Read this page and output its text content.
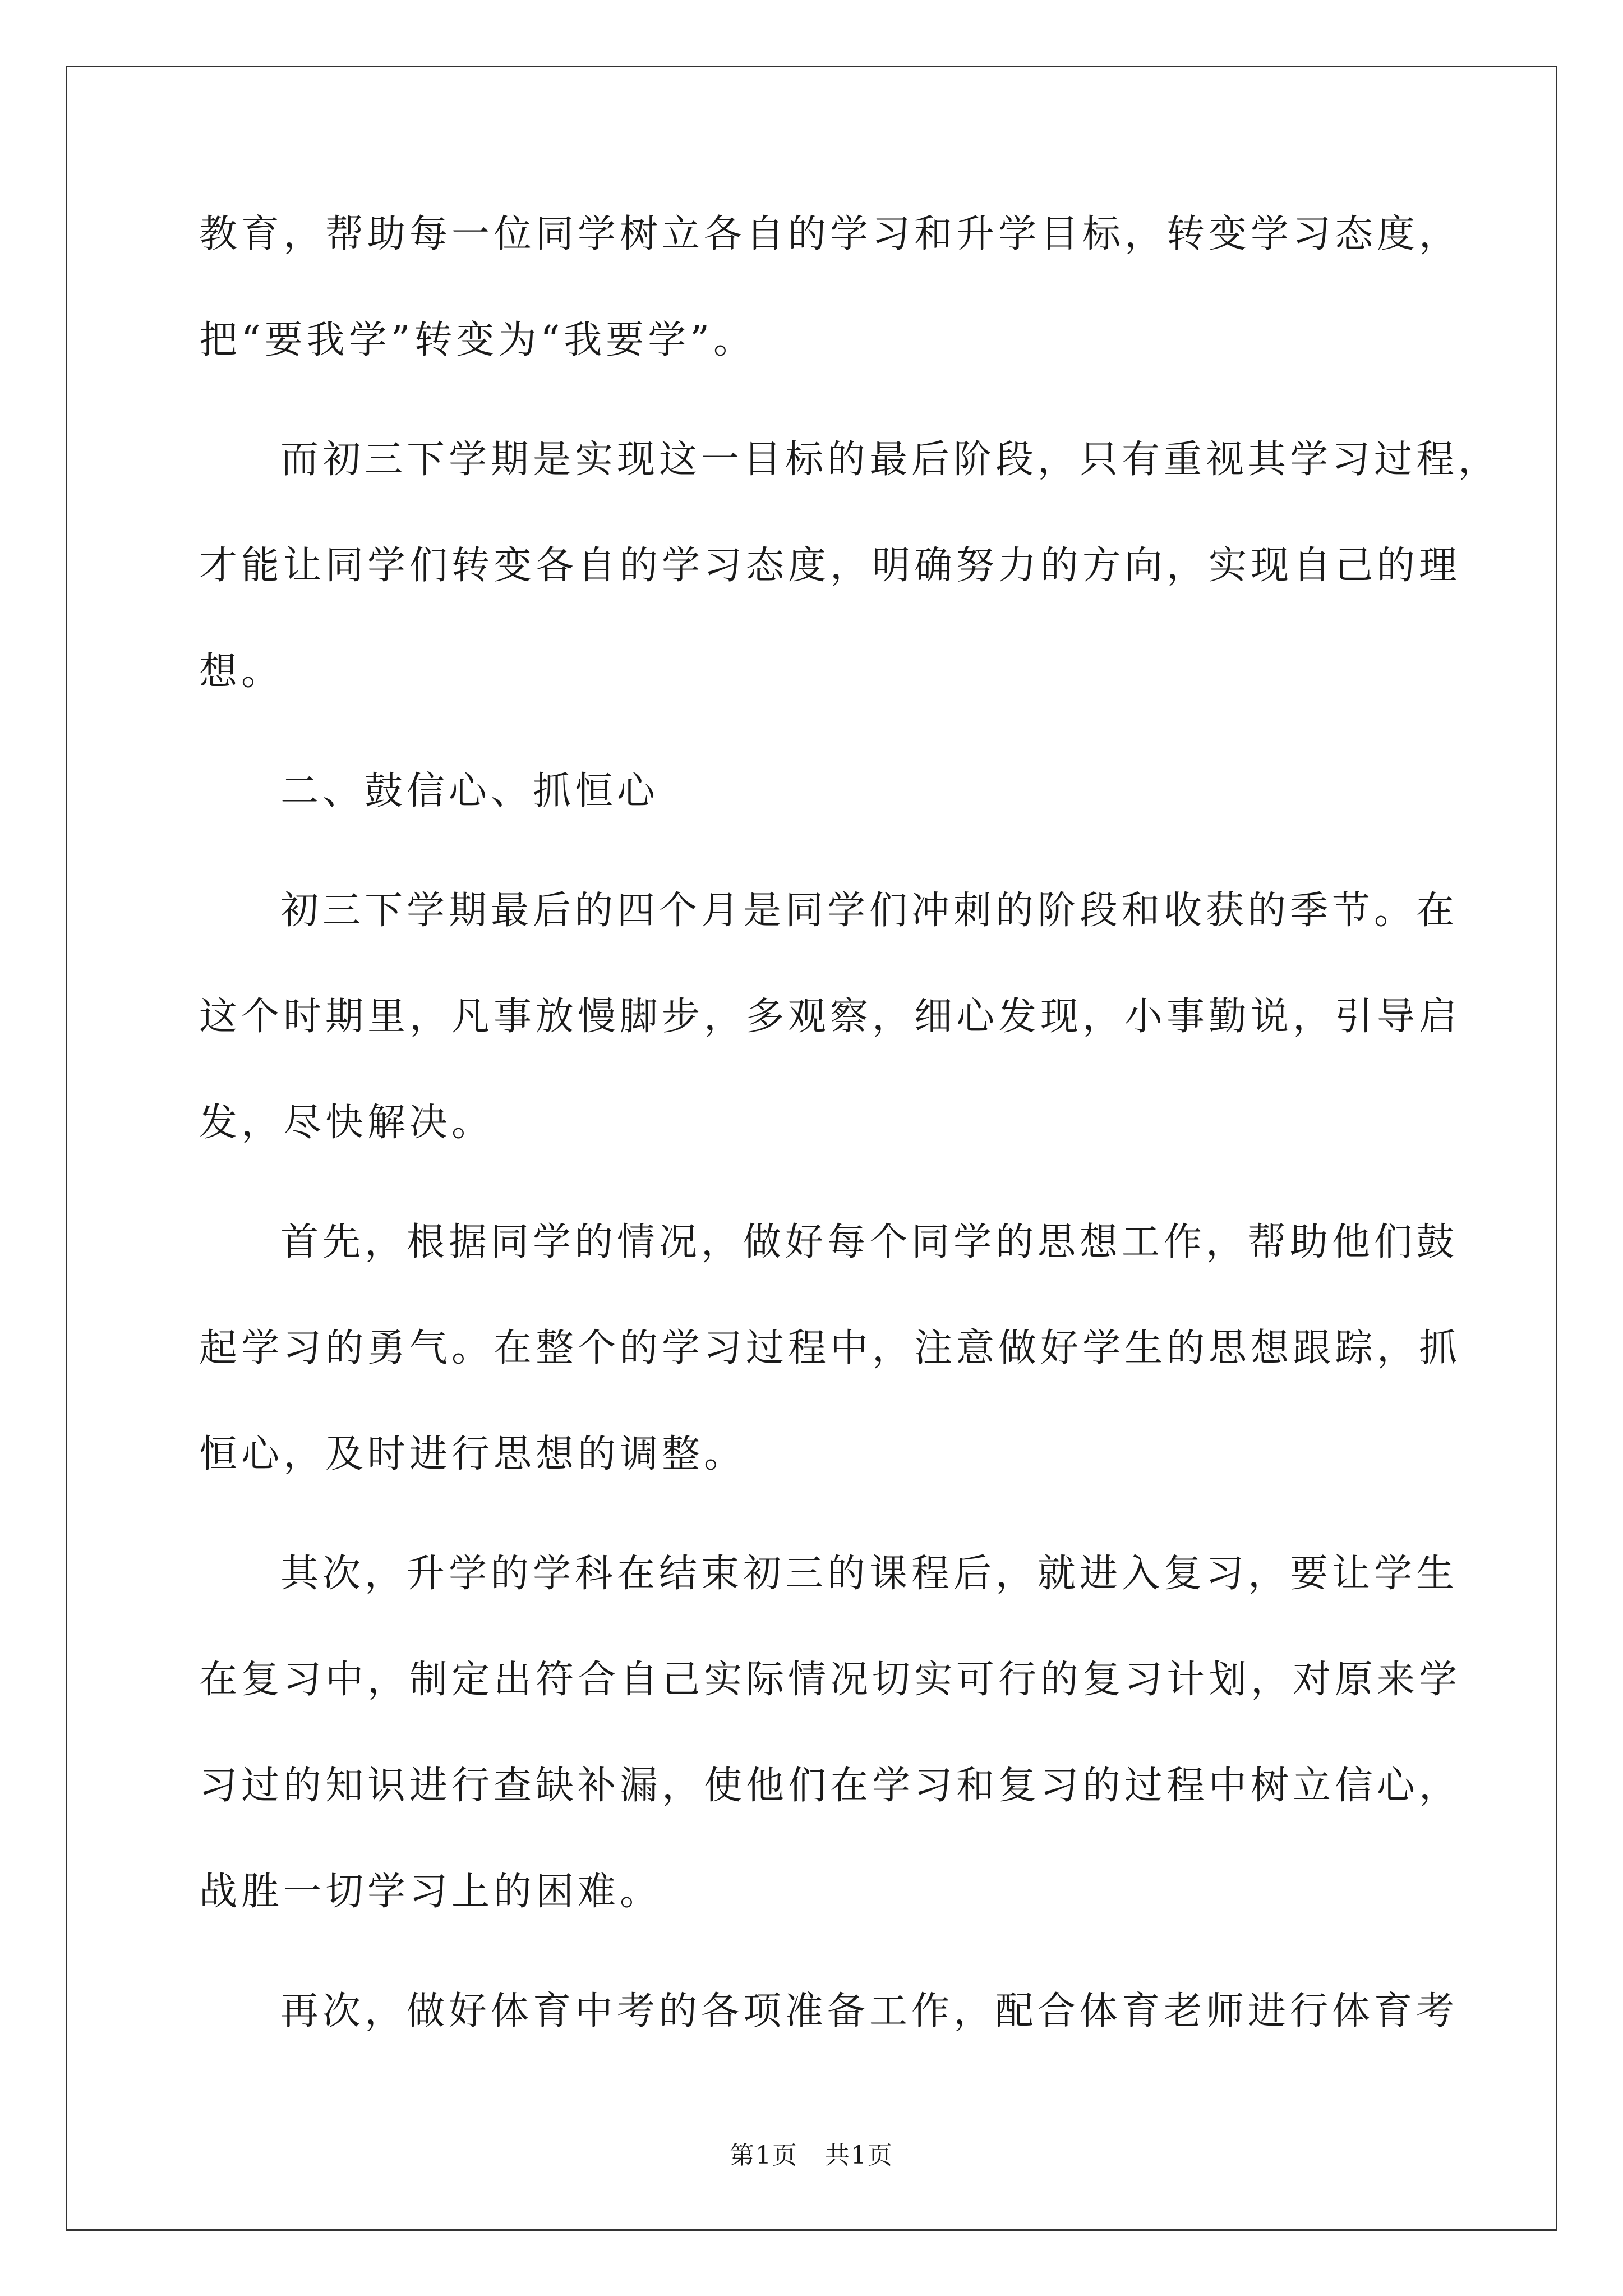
教育，帮助每一位同学树立各自的学习和升学目标，转变学习态度，
把“要我学”转变为“我要学”。
而初三下学期是实现这一目标的最后阶段，只有重视其学习过程，
才能让同学们转变各自的学习态度，明确努力的方向，实现自己的理
想。
二、鼓信心、抓恒心
初三下学期最后的四个月是同学们冲刺的阶段和收获的季节。在
这个时期里，凡事放慢脚步，多观察，细心发现，小事勤说，引导启
发，尽快解决。
首先，根据同学的情况，做好每个同学的思想工作，帮助他们鼓
起学习的勇气。在整个的学习过程中，注意做好学生的思想跟踪，抓
恒心，及时进行思想的调整。
其次，升学的学科在结束初三的课程后，就进入复习，要让学生
在复习中，制定出符合自己实际情况切实可行的复习计划，对原来学
习过的知识进行查缺补漏，使他们在学习和复习的过程中树立信心，
战胜一切学习上的困难。
再次，做好体育中考的各项准备工作，配合体育老师进行体育考
第1页   共1页
